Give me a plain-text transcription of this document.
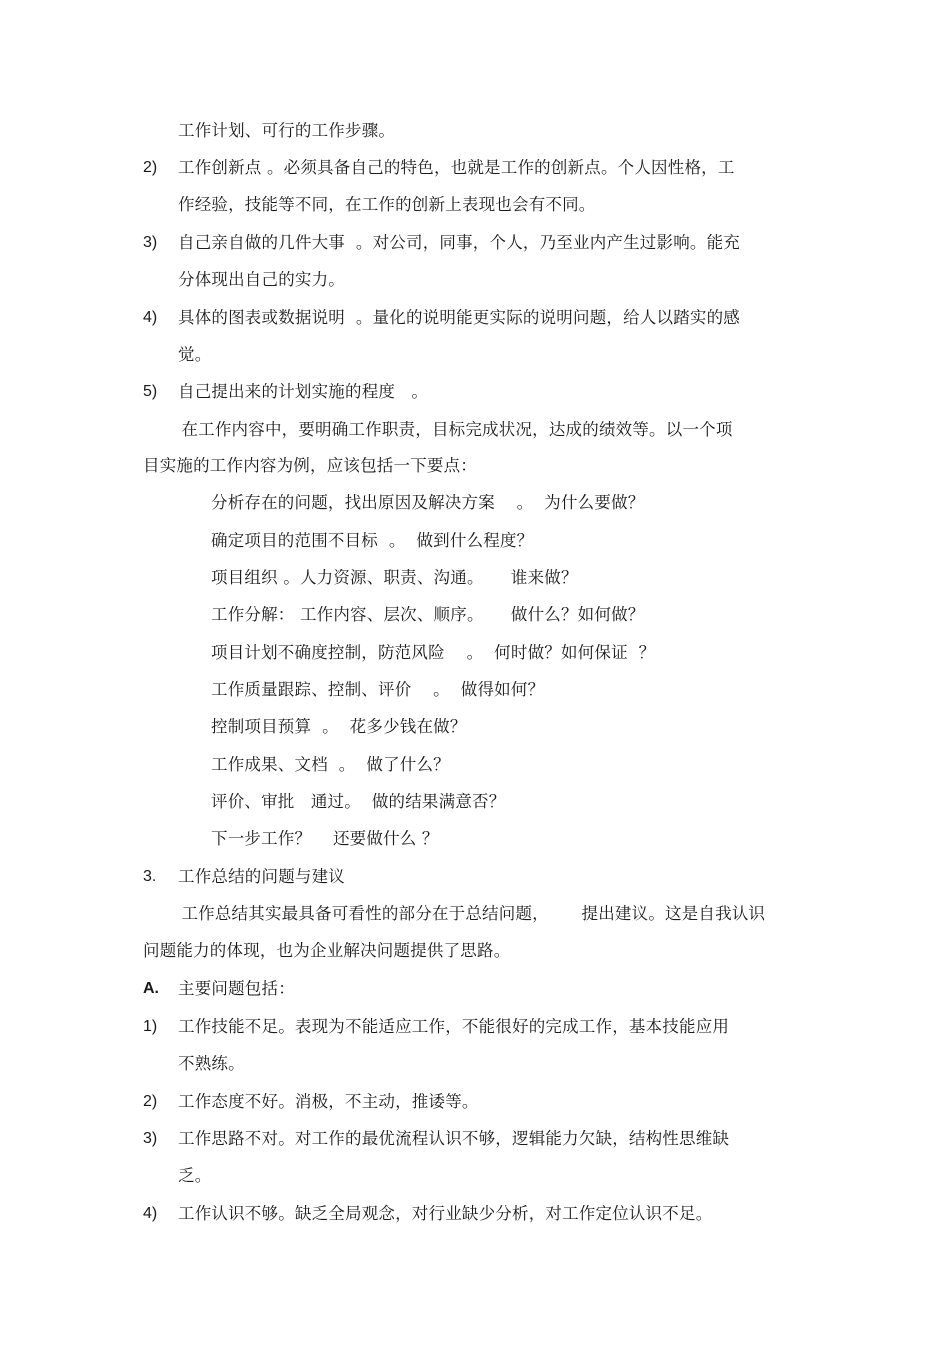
工作计划、可行的工作步骤。
2) 工作创新点 。必须具备自己的特色，也就是工作的创新点。个人因性格，工
作经验，技能等不同，在工作的创新上表现也会有不同。
3) 自己亲自做的几件大事  。对公司，同事，个人，乃至业内产生过影响。能充
分体现出自己的实力。
4) 具体的图表或数据说明  。量化的说明能更实际的说明问题，给人以踏实的感
觉。
5) 自己提出来的计划实施的程度   。
在工作内容中，要明确工作职责，目标完成状况，达成的绩效等。以一个项
目实施的工作内容为例，应该包括一下要点：
分析存在的问题，找出原因及解决方案    。  为什么要做？
确定项目的范围不目标  。  做到什么程度？
项目组织 。人力资源、职责、沟通。     谁来做？
工作分解： 工作内容、层次、顺序。     做什么？如何做？
项目计划不确度控制，防范风险    。  何时做？如何保证  ？
工作质量跟踪、控制、评价    。  做得如何？
控制项目预算  。  花多少钱在做？
工作成果、文档  。  做了什么？
评价、审批   通过。  做的结果满意否？
下一步工作？    还要做什么 ？
3. 工作总结的问题与建议
工作总结其实最具备可看性的部分在于总结问题，      提出建议。这是自我认识
问题能力的体现，也为企业解决问题提供了思路。
A. 主要问题包括：
1) 工作技能不足。表现为不能适应工作，不能很好的完成工作，基本技能应用
不熟练。
2) 工作态度不好。消极，不主动，推诿等。
3) 工作思路不对。对工作的最优流程认识不够，逻辑能力欠缺，结构性思维缺
乏。
4) 工作认识不够。缺乏全局观念，对行业缺少分析，对工作定位认识不足。
